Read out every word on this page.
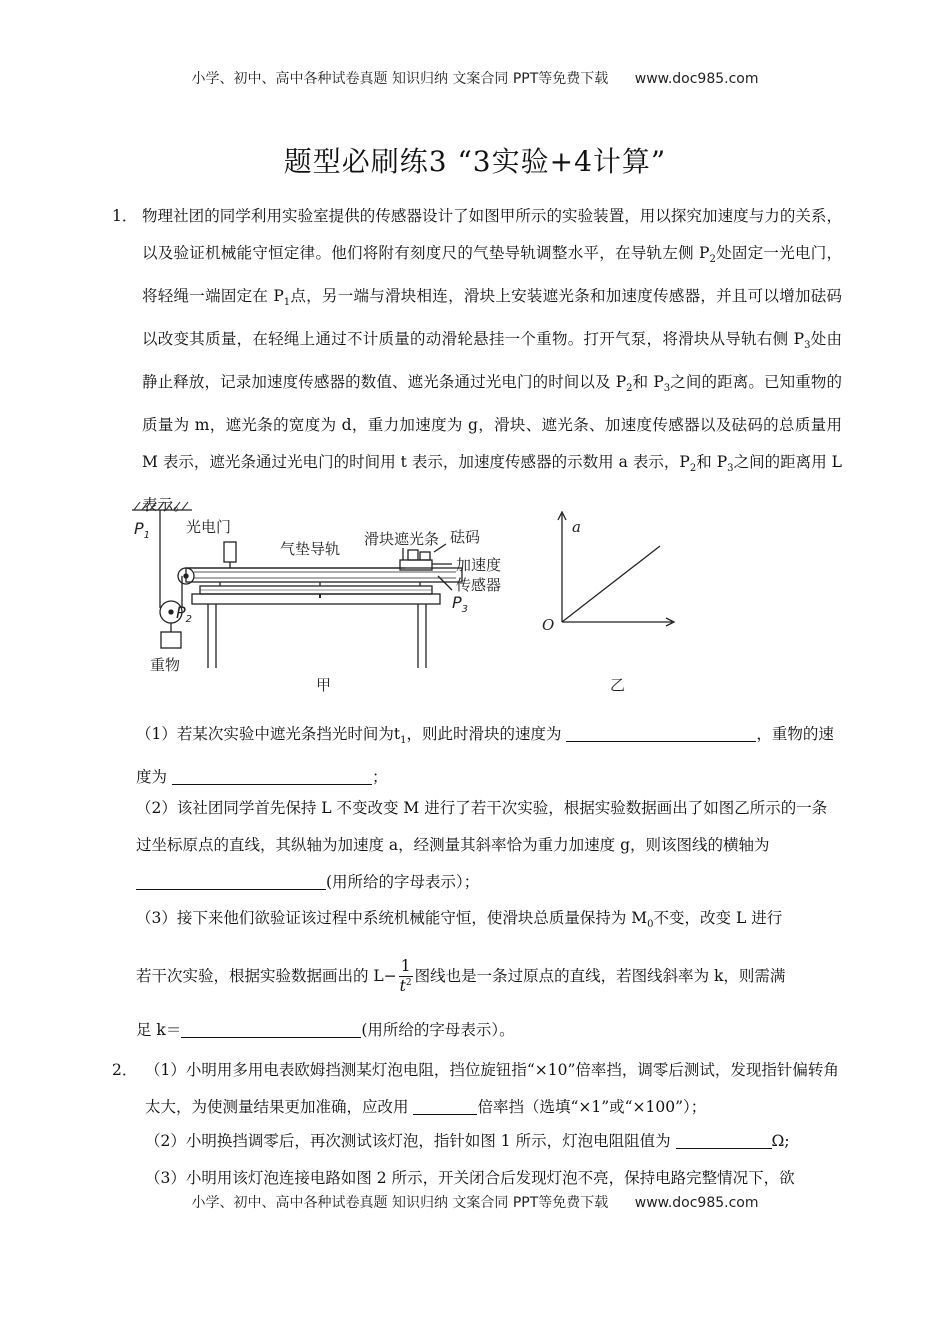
小学、初中、高中各种试卷真题 知识归纳 文案合同 PPT等免费下载 www.doc985.com
题型必刷练3 “3实验+4计算”
1． 物理社团的同学利用实验室提供的传感器设计了如图甲所示的实验装置，用以探究加速度与力的关系，以及验证机械能守恒定律。他们将附有刻度尺的气垫导轨调整水平，在导轨左侧 $P_2$处固定一光电门，将轻绳一端固定在 $P_1$点，另一端与滑块相连，滑块上安装遮光条和加速度传感器，并且可以增加砝码以改变其质量，在轻绳上通过不计质量的动滑轮悬挂一个重物。打开气泵，将滑块从导轨右侧 $P_3$处由静止释放，记录加速度传感器的数值、遮光条通过光电门的时间以及 $P_2$和 $P_3$之间的距离。已知重物的质量为 m，遮光条的宽度为 d，重力加速度为 g，滑块、遮光条、加速度传感器以及砝码的总质量用 M 表示，遮光条通过光电门的时间用 t 表示，加速度传感器的示数用 a 表示，$P_2$和 $P_3$之间的距离用 L 表示。
$P_1$ 光电门
气垫导轨
滑块遮光条 砝码
加速度
传感器
$P_2$
$P_3$
重物
甲
a
O
乙
（1）若某次实验中遮光条挡光时间为$t_1$，则此时滑块的速度为	，重物的速度为	；
（2）该社团同学首先保持 L 不变改变 M 进行了若干次实验，根据实验数据画出了如图乙所示的一条过坐标原点的直线，其纵轴为加速度 a，经测量其斜率恰为重力加速度 g，则该图线的横轴为 (用所给的字母表示）；
（3）接下来他们欲验证该过程中系统机械能守恒，使滑块总质量保持为 $M_0$不变，改变 L 进行
若干次实验，根据实验数据画出的 $L- \frac{1}{t^2}$ 图线也是一条过原点的直线，若图线斜率为 k，则需满
足 k＝	(用所给的字母表示）。
2． （1）小明用多用电表欧姆挡测某灯泡电阻，挡位旋钮指“×10”倍率挡，调零后测试，发现指针偏转角太大，为使测量结果更加准确，应改用	倍率挡（选填“×1”或“×100”）；
（2）小明换挡调零后，再次测试该灯泡，指针如图 1 所示，灯泡电阻阻值为	Ω;
（3）小明用该灯泡连接电路如图 2 所示，开关闭合后发现灯泡不亮，保持电路完整情况下，欲
小学、初中、高中各种试卷真题 知识归纳 文案合同 PPT等免费下载 www.doc985.com
